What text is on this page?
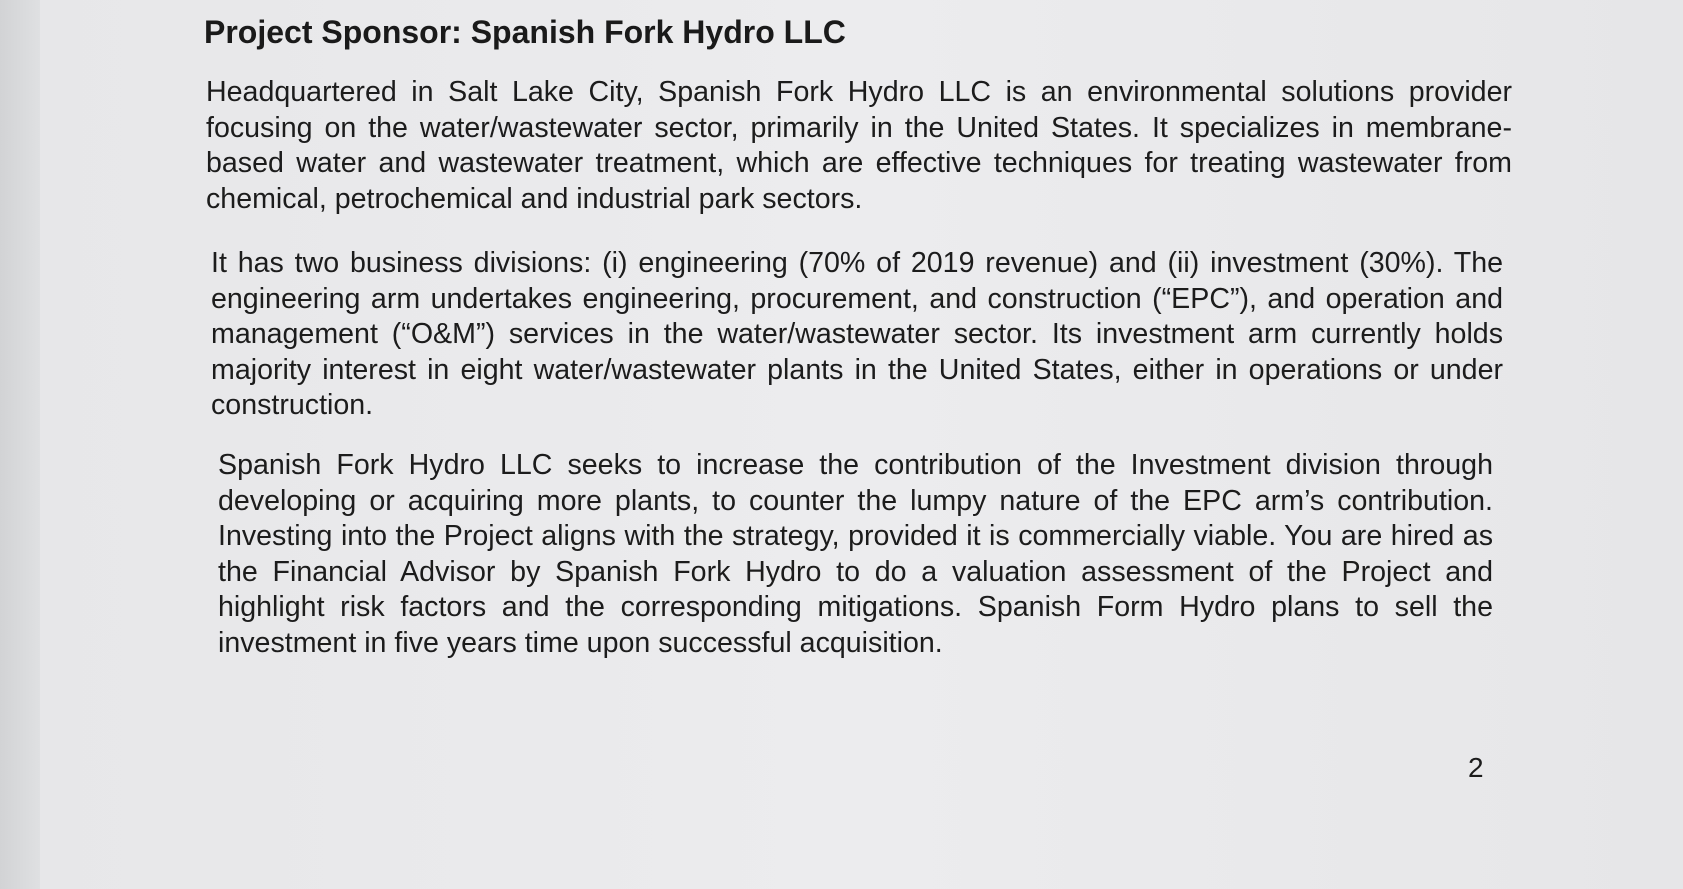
Project Sponsor: Spanish Fork Hydro LLC

Headquartered in Salt Lake City, Spanish Fork Hydro LLC is an environmental solutions provider focusing on the water/wastewater sector, primarily in the United States. It specializes in membrane-based water and wastewater treatment, which are effective techniques for treating wastewater from chemical, petrochemical and industrial park sectors.

It has two business divisions: (i) engineering (70% of 2019 revenue) and (ii) investment (30%). The engineering arm undertakes engineering, procurement, and construction (“EPC”), and operation and management (“O&M”) services in the water/wastewater sector. Its investment arm currently holds majority interest in eight water/wastewater plants in the United States, either in operations or under construction.

Spanish Fork Hydro LLC seeks to increase the contribution of the Investment division through developing or acquiring more plants, to counter the lumpy nature of the EPC arm’s contribution. Investing into the Project aligns with the strategy, provided it is commercially viable. You are hired as the Financial Advisor by Spanish Fork Hydro to do a valuation assessment of the Project and highlight risk factors and the corresponding mitigations. Spanish Form Hydro plans to sell the investment in five years time upon successful acquisition.

2
